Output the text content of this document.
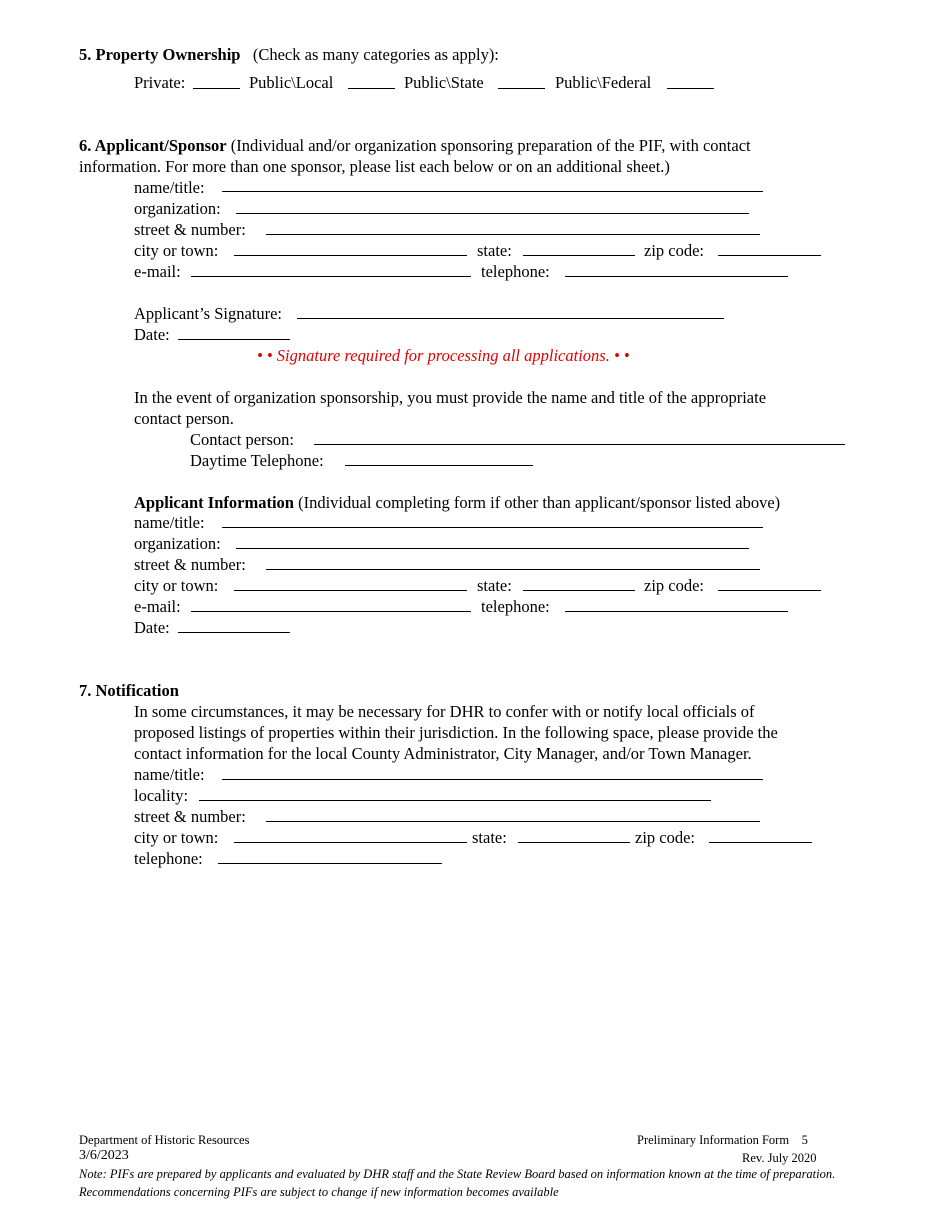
5. Property Ownership (Check as many categories as apply):
Private:	Public\Local	Public\State	Public\Federal
6. Applicant/Sponsor (Individual and/or organization sponsoring preparation of the PIF, with contact
information. For more than one sponsor, please list each below or on an additional sheet.)
name/title:
organization:
street & number:
city or town:	state:	zip code:
e-mail:	telephone:
Applicant’s Signature:
Date:
• • Signature required for processing all applications. • •
In the event of organization sponsorship, you must provide the name and title of the appropriate
contact person.
Contact person:
Daytime Telephone:
Applicant Information (Individual completing form if other than applicant/sponsor listed above)
name/title:
organization:
street & number:
city or town:	state:	zip code:
e-mail:	telephone:
Date:
7. Notification
In some circumstances, it may be necessary for DHR to confer with or notify local officials of
proposed listings of properties within their jurisdiction. In the following space, please provide the
contact information for the local County Administrator, City Manager, and/or Town Manager.
name/title:
locality:
street & number:
city or town:	state:	zip code:
telephone:
Department of Historic Resources	Preliminary Information Form 5
3/6/2023	Rev. July 2020
Note: PIFs are prepared by applicants and evaluated by DHR staff and the State Review Board based on information known at the time of preparation.
Recommendations concerning PIFs are subject to change if new information becomes available
